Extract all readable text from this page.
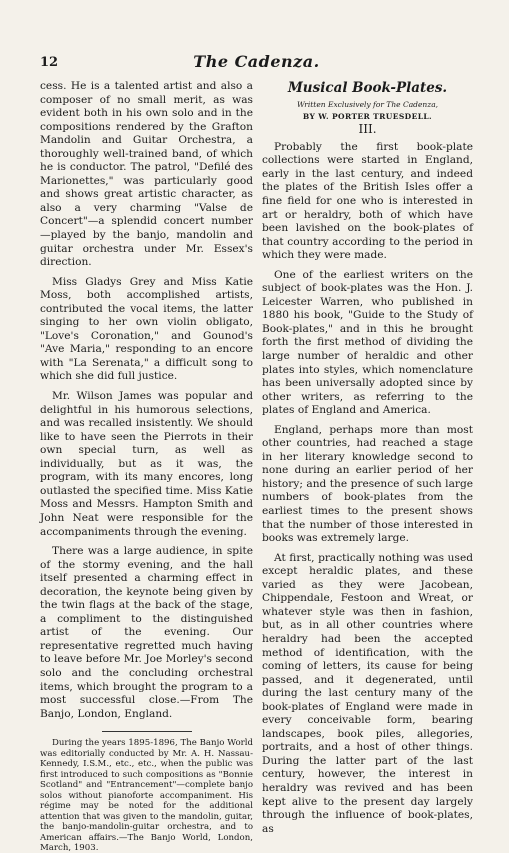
12	The Cadenza.

cess. He is a talented artist and also a composer of no small merit, as was evident both in his own solo and in the compositions rendered by the Grafton Mandolin and Guitar Orchestra, a thoroughly well-trained band, of which he is conductor. The patrol, "Defilé des Marionettes," was particularly good and shows great artistic character, as also a very charming "Valse de Concert"—a splendid concert number—played by the banjo, mandolin and guitar orchestra under Mr. Essex's direction.

Miss Gladys Grey and Miss Katie Moss, both accomplished artists, contributed the vocal items, the latter singing to her own violin obligato, "Love's Coronation," and Gounod's "Ave Maria," responding to an encore with "La Serenata," a difficult song to which she did full justice.

Mr. Wilson James was popular and delightful in his humorous selections, and was recalled insistently. We should like to have seen the Pierrots in their own special turn, as well as individually, but as it was, the program, with its many encores, long outlasted the specified time. Miss Katie Moss and Messrs. Hampton Smith and John Neat were responsible for the accompaniments through the evening.

There was a large audience, in spite of the stormy evening, and the hall itself presented a charming effect in decoration, the keynote being given by the twin flags at the back of the stage, a compliment to the distinguished artist of the evening. Our representative regretted much having to leave before Mr. Joe Morley's second solo and the concluding orchestral items, which brought the program to a most successful close.—From The Banjo, London, England.

During the years 1895-1896, The Banjo World was editorially conducted by Mr. A. H. Nassau-Kennedy, I.S.M., etc., etc., when the public was first introduced to such compositions as "Bonnie Scotland" and "Entrancement"—complete banjo solos without pianoforte accompaniment. His régime may be noted for the additional attention that was given to the mandolin, guitar, the banjo-mandolin-guitar orchestra, and to American affairs.—The Banjo World, London, March, 1903.

Musical Book-Plates.
Written Exclusively for The Cadenza,
BY W. PORTER TRUESDELL.
III.

Probably the first book-plate collections were started in England, early in the last century, and indeed the plates of the British Isles offer a fine field for one who is interested in art or heraldry, both of which have been lavished on the book-plates of that country according to the period in which they were made.

One of the earliest writers on the subject of book-plates was the Hon. J. Leicester Warren, who published in 1880 his book, "Guide to the Study of Book-plates," and in this he brought forth the first method of dividing the large number of heraldic and other plates into styles, which nomenclature has been universally adopted since by other writers, as referring to the plates of England and America.

England, perhaps more than most other countries, had reached a stage in her literary knowledge second to none during an earlier period of her history; and the presence of such large numbers of book-plates from the earliest times to the present shows that the number of those interested in books was extremely large.

At first, practically nothing was used except heraldic plates, and these varied as they were Jacobean, Chippendale, Festoon and Wreat, or whatever style was then in fashion, but, as in all other countries where heraldry had been the accepted method of identification, with the coming of letters, its cause for being passed, and it degenerated, until during the last century many of the book-plates of England were made in every conceivable form, bearing landscapes, book piles, allegories, portraits, and a host of other things. During the latter part of the last century, however, the interest in heraldry was revived and has been kept alive to the present day largely through the influence of book-plates, as
